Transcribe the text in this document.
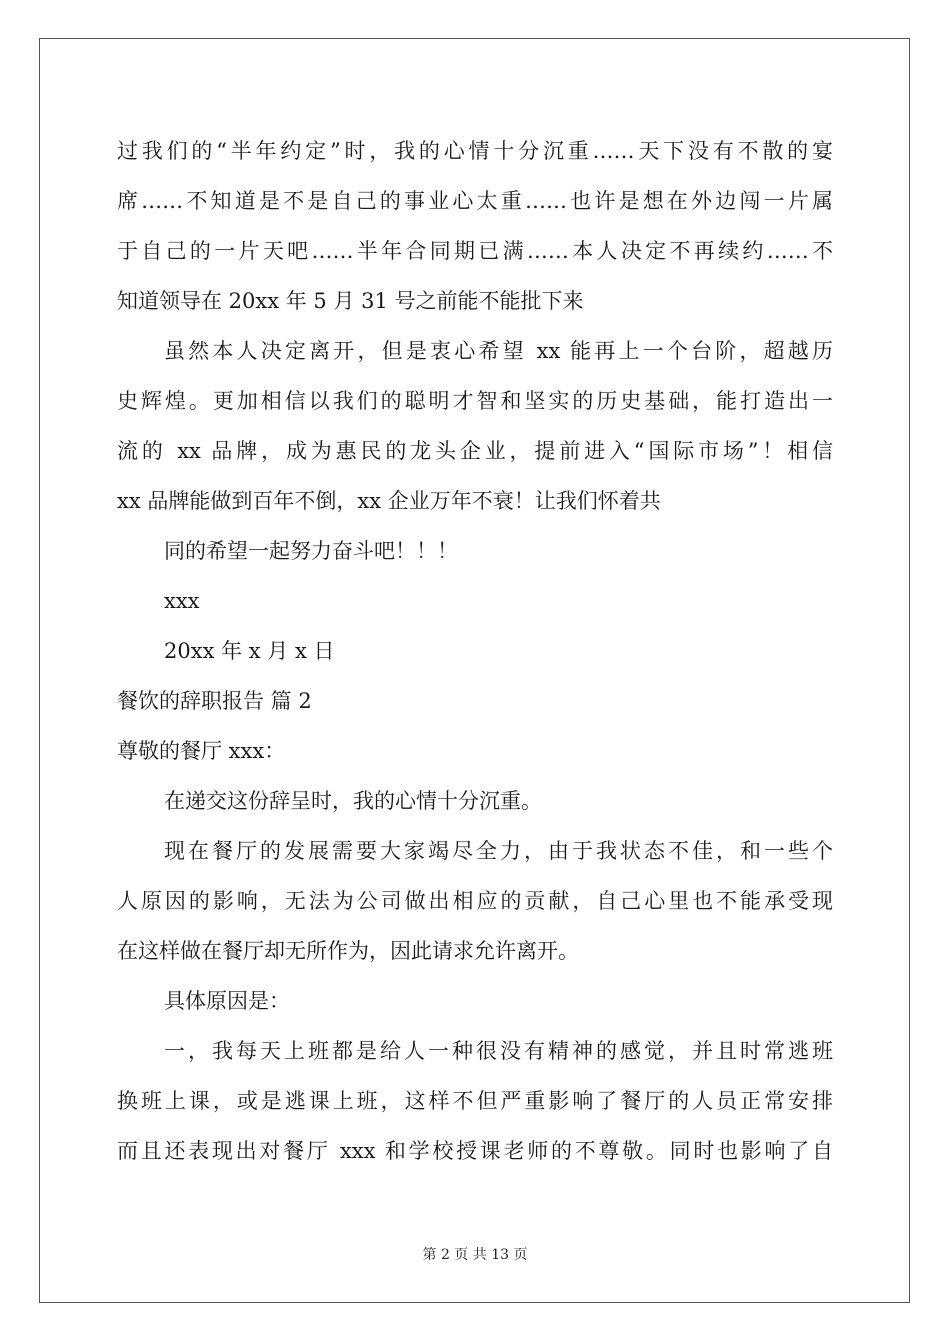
过我们的“半年约定”时，我的心情十分沉重……天下没有不散的宴
席……不知道是不是自己的事业心太重……也许是想在外边闯一片属
于自己的一片天吧……半年合同期已满……本人决定不再续约……不
知道领导在 20xx 年 5 月 31 号之前能不能批下来
虽然本人决定离开，但是衷心希望 xx 能再上一个台阶，超越历
史辉煌。更加相信以我们的聪明才智和坚实的历史基础，能打造出一
流的 xx 品牌，成为惠民的龙头企业，提前进入“国际市场”！相信
xx 品牌能做到百年不倒，xx 企业万年不衰！让我们怀着共
同的希望一起努力奋斗吧！！！
xxx
20xx 年 x 月 x 日
餐饮的辞职报告 篇 2
尊敬的餐厅 xxx：
在递交这份辞呈时，我的心情十分沉重。
现在餐厅的发展需要大家竭尽全力，由于我状态不佳，和一些个
人原因的影响，无法为公司做出相应的贡献，自己心里也不能承受现
在这样做在餐厅却无所作为，因此请求允许离开。
具体原因是：
一，我每天上班都是给人一种很没有精神的感觉，并且时常逃班
换班上课，或是逃课上班，这样不但严重影响了餐厅的人员正常安排
而且还表现出对餐厅 xxx 和学校授课老师的不尊敬。同时也影响了自
第 2 页 共 13 页
